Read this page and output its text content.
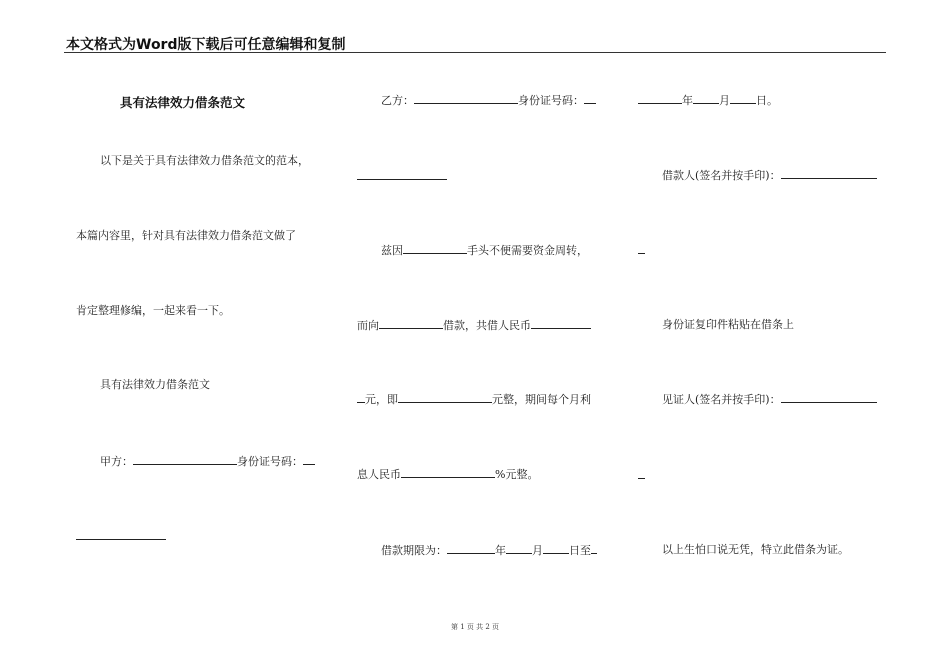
本文格式为Word版下载后可任意编辑和复制
具有法律效力借条范文
以下是关于具有法律效力借条范文的范本，
本篇内容里，针对具有法律效力借条范文做了
肯定整理修编，一起来看一下。
具有法律效力借条范文
甲方：	身份证号码：
乙方：	身份证号码：
兹因	手头不便需要资金周转，
而向	借款，共借人民币
元，即	元整，期间每个月利
息人民币	%元整。
借款期限为：	年 月 日至
年 月 日。
借款人(签名并按手印)：
身份证复印件粘贴在借条上
见证人(签名并按手印)：
以上生怕口说无凭，特立此借条为证。
第 1 页 共 2 页
